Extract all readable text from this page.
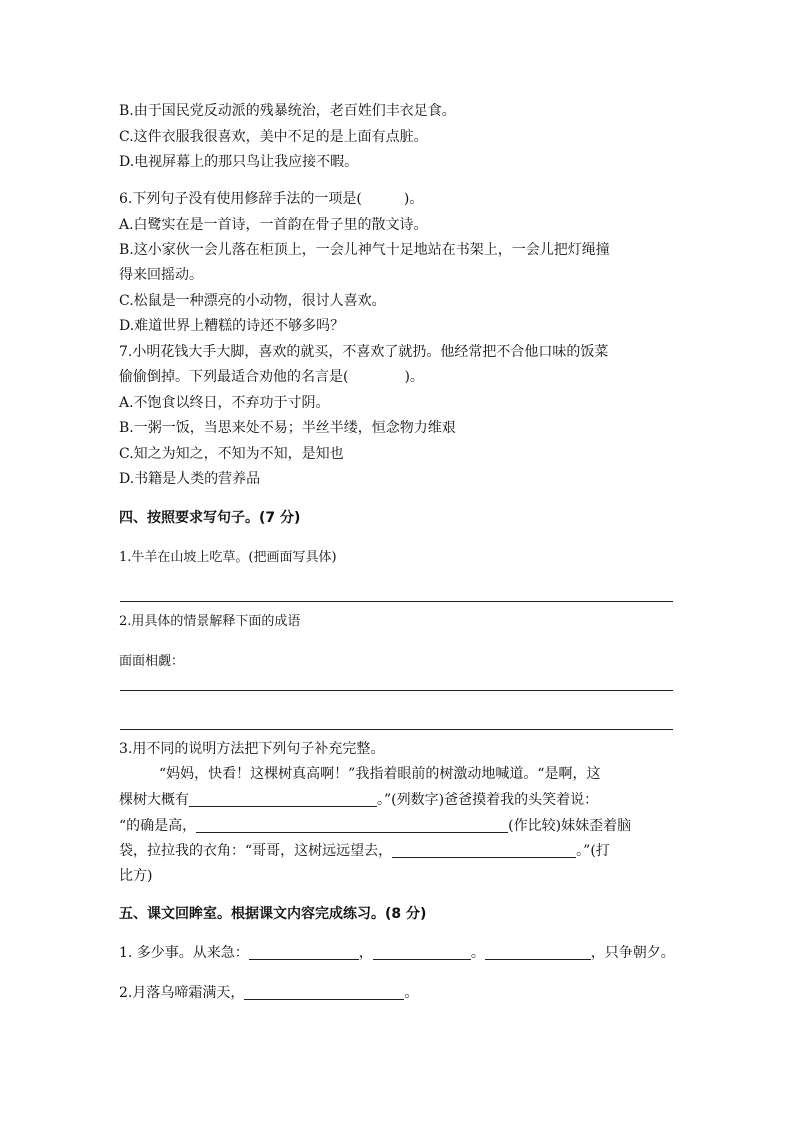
B.由于国民党反动派的残暴统治，老百姓们丰衣足食。
C.这件衣服我很喜欢，美中不足的是上面有点脏。
D.电视屏幕上的那只鸟让我应接不暇。
6.下列句子没有使用修辞手法的一项是(　　　)。
A.白鹭实在是一首诗，一首韵在骨子里的散文诗。
B.这小家伙一会儿落在柜顶上，一会儿神气十足地站在书架上，一会儿把灯绳撞
得来回摇动。
C.松鼠是一种漂亮的小动物，很讨人喜欢。
D.难道世界上糟糕的诗还不够多吗？
7.小明花钱大手大脚，喜欢的就买，不喜欢了就扔。他经常把不合他口味的饭菜
偷偷倒掉。下列最适合劝他的名言是(　　　　)。
A.不饱食以终日，不弃功于寸阴。
B.一粥一饭，当思来处不易；半丝半缕，恒念物力维艰
C.知之为知之，不知为不知，是知也
D.书籍是人类的营养品
四、按照要求写句子。(7 分)
1.牛羊在山坡上吃草。(把画面写具体)
2.用具体的情景解释下面的成语
面面相觑：
3.用不同的说明方法把下列句子补充完整。
“妈妈，快看！这棵树真高啊！”我指着眼前的树激动地喊道。“是啊，这
棵树大概有	。”(列数字)爸爸摸着我的头笑着说：
“的确是高，	(作比较)妹妹歪着脑
袋，拉拉我的衣角：“哥哥，这树远远望去，	。”(打
比方)
五、课文回眸室。根据课文内容完成练习。(8 分)
1. 多少事。从来急：	，	。	，只争朝夕。
2.月落乌啼霜满天，	。
